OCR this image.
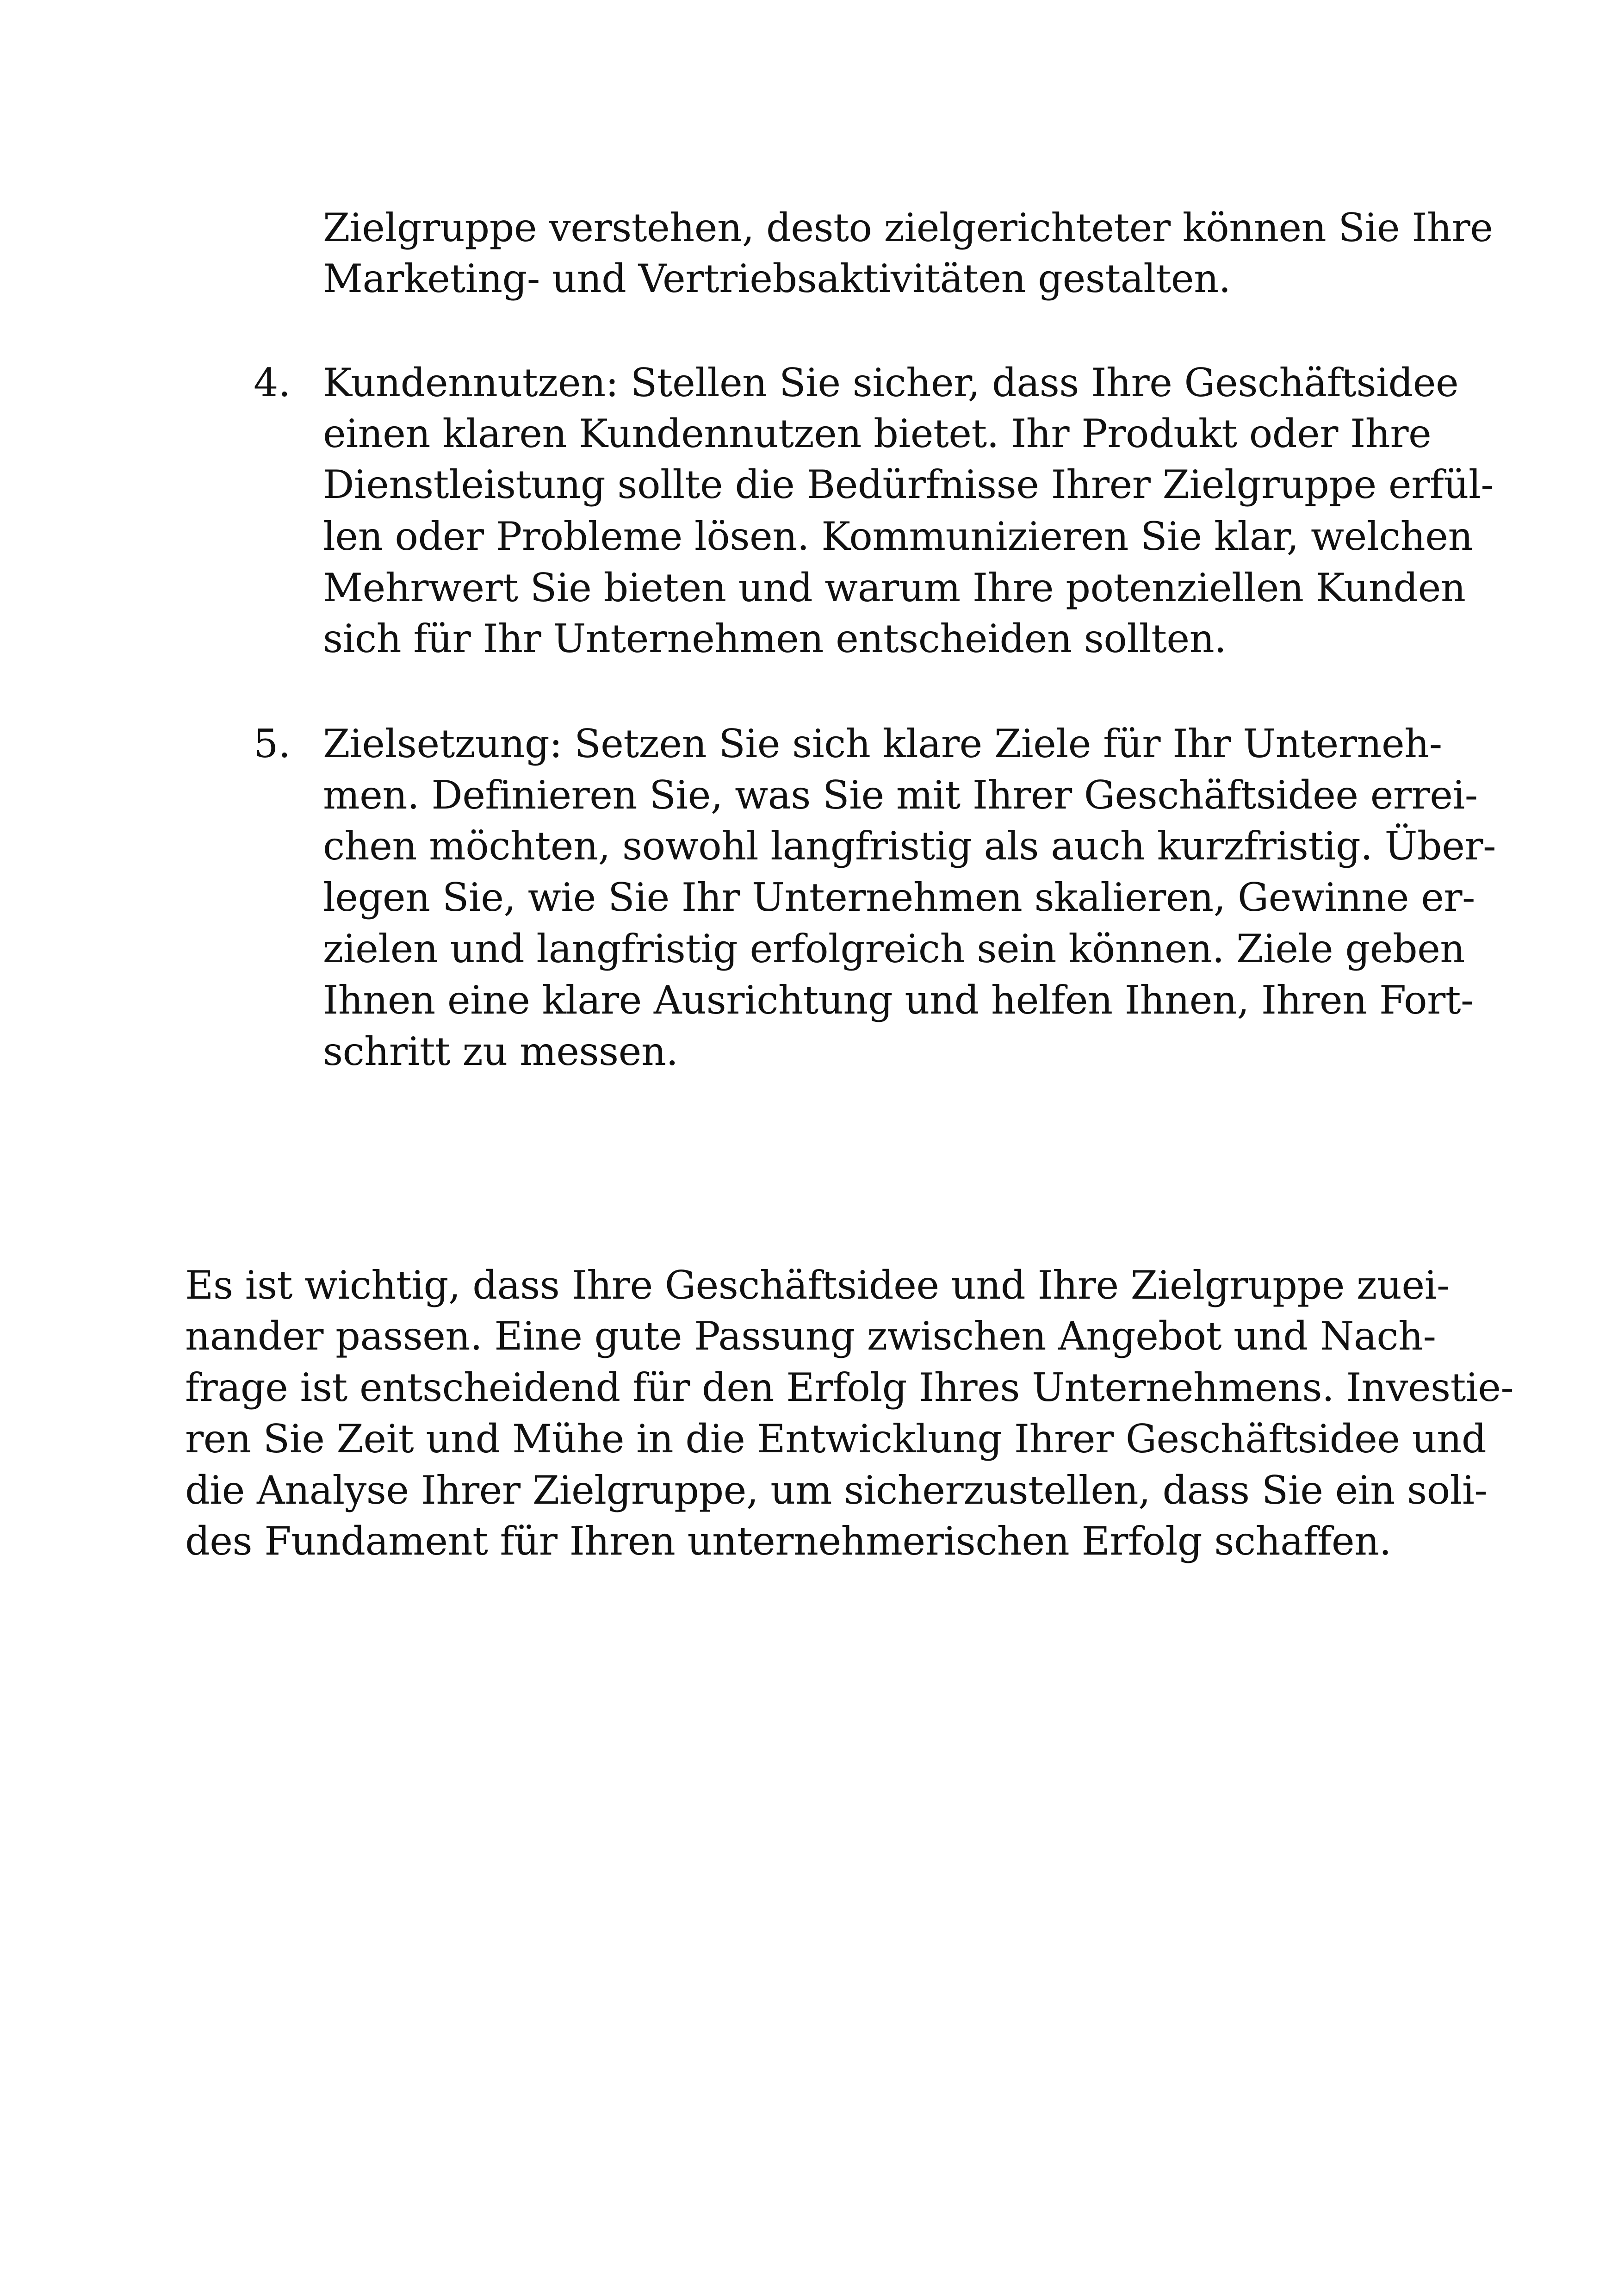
Zielgruppe verstehen, desto zielgerichteter können Sie Ihre
Marketing- und Vertriebsaktivitäten gestalten.
4. Kundennutzen: Stellen Sie sicher, dass Ihre Geschäftsidee
einen klaren Kundennutzen bietet. Ihr Produkt oder Ihre
Dienstleistung sollte die Bedürfnisse Ihrer Zielgruppe erfül-
len oder Probleme lösen. Kommunizieren Sie klar, welchen
Mehrwert Sie bieten und warum Ihre potenziellen Kunden
sich für Ihr Unternehmen entscheiden sollten.
5. Zielsetzung: Setzen Sie sich klare Ziele für Ihr Unterneh-
men. Definieren Sie, was Sie mit Ihrer Geschäftsidee errei-
chen möchten, sowohl langfristig als auch kurzfristig. Über-
legen Sie, wie Sie Ihr Unternehmen skalieren, Gewinne er-
zielen und langfristig erfolgreich sein können. Ziele geben
Ihnen eine klare Ausrichtung und helfen Ihnen, Ihren Fort-
schritt zu messen.
Es ist wichtig, dass Ihre Geschäftsidee und Ihre Zielgruppe zuei-
nander passen. Eine gute Passung zwischen Angebot und Nach-
frage ist entscheidend für den Erfolg Ihres Unternehmens. Investie-
ren Sie Zeit und Mühe in die Entwicklung Ihrer Geschäftsidee und
die Analyse Ihrer Zielgruppe, um sicherzustellen, dass Sie ein soli-
des Fundament für Ihren unternehmerischen Erfolg schaffen.
